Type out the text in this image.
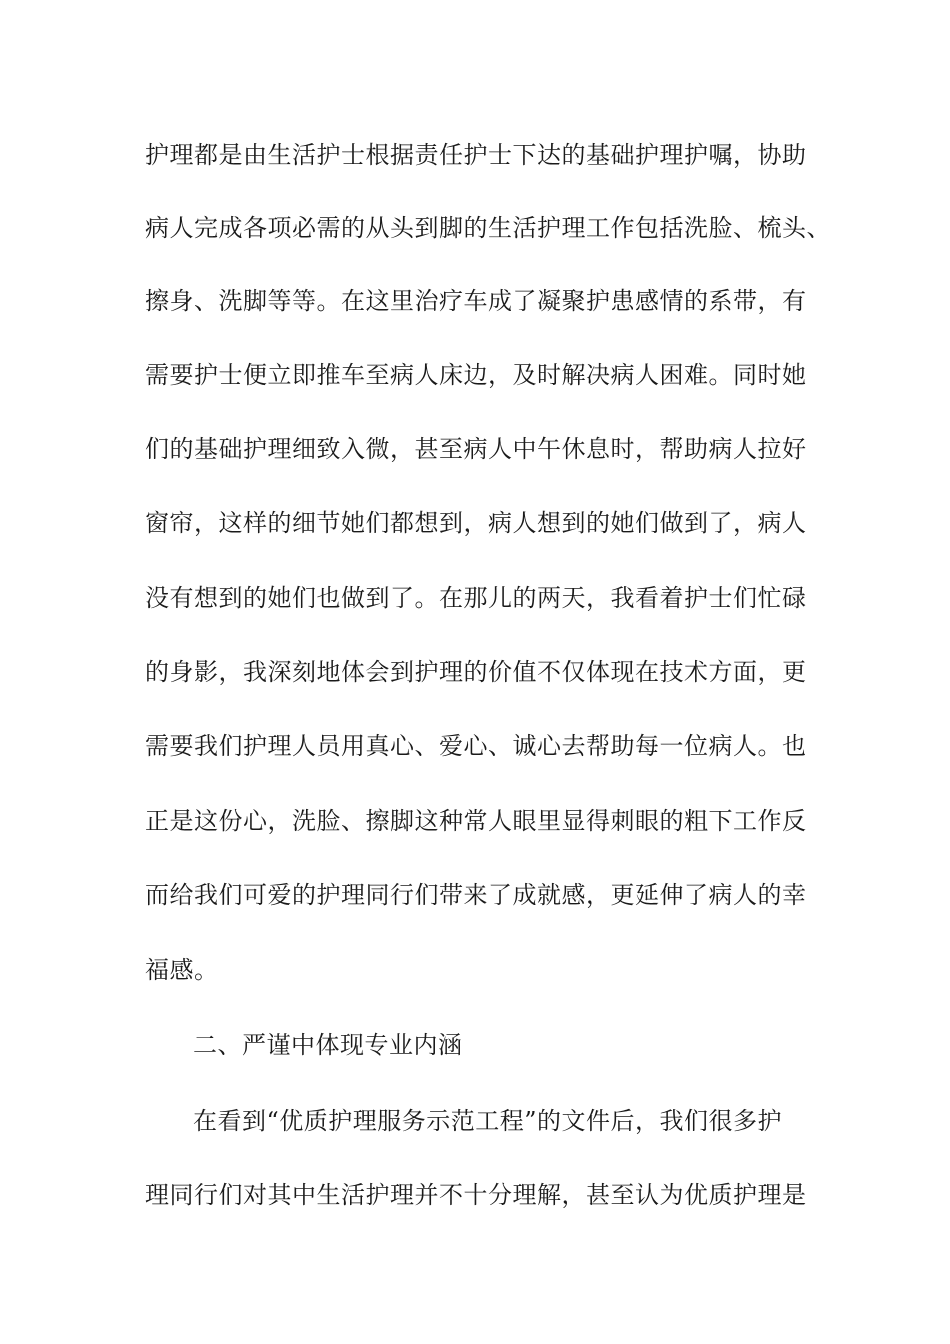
护理都是由生活护士根据责任护士下达的基础护理护嘱，协助
病人完成各项必需的从头到脚的生活护理工作包括洗脸、梳头、
擦身、洗脚等等。在这里治疗车成了凝聚护患感情的系带，有
需要护士便立即推车至病人床边，及时解决病人困难。同时她
们的基础护理细致入微，甚至病人中午休息时，帮助病人拉好
窗帘，这样的细节她们都想到，病人想到的她们做到了，病人
没有想到的她们也做到了。在那儿的两天，我看着护士们忙碌
的身影，我深刻地体会到护理的价值不仅体现在技术方面，更
需要我们护理人员用真心、爱心、诚心去帮助每一位病人。也
正是这份心，洗脸、擦脚这种常人眼里显得刺眼的粗下工作反
而给我们可爱的护理同行们带来了成就感，更延伸了病人的幸
福感。
二、严谨中体现专业内涵
在看到“优质护理服务示范工程”的文件后，我们很多护
理同行们对其中生活护理并不十分理解，甚至认为优质护理是
